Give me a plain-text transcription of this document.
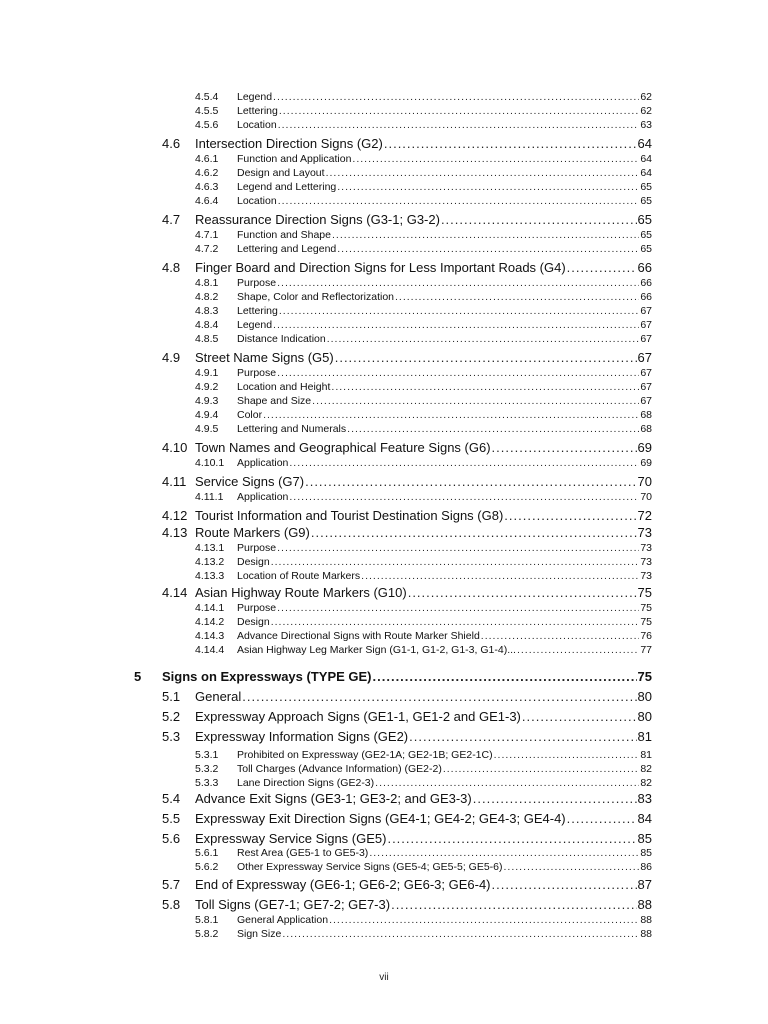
4.5.4	Legend .....	62
4.5.5	Lettering .....	62
4.5.6	Location .....	63
4.6	Intersection Direction Signs (G2) .....	64
4.6.1	Function and Application .....	64
4.6.2	Design and Layout .....	64
4.6.3	Legend and Lettering .....	65
4.6.4	Location .....	65
4.7	Reassurance Direction Signs (G3-1; G3-2) .....	65
4.7.1	Function and Shape .....	65
4.7.2	Lettering and Legend .....	65
4.8	Finger Board and Direction Signs for Less Important Roads (G4) .....	66
4.8.1	Purpose .....	66
4.8.2	Shape, Color and Reflectorization .....	66
4.8.3	Lettering .....	67
4.8.4	Legend .....	67
4.8.5	Distance Indication .....	67
4.9	Street Name Signs (G5) .....	67
4.9.1	Purpose .....	67
4.9.2	Location and Height .....	67
4.9.3	Shape and Size .....	67
4.9.4	Color .....	68
4.9.5	Lettering and Numerals .....	68
4.10 Town Names and Geographical Feature Signs (G6) .....	69
4.10.1	Application .....	69
4.11 Service Signs (G7) .....	70
4.11.1	Application .....	70
4.12 Tourist Information and Tourist Destination Signs (G8) .....	72
4.13 Route Markers (G9) .....	73
4.13.1	Purpose .....	73
4.13.2	Design .....	73
4.13.3	Location of Route Markers .....	73
4.14 Asian Highway Route Markers (G10) .....	75
4.14.1	Purpose .....	75
4.14.2	Design .....	75
4.14.3	Advance Directional Signs with Route Marker Shield .....	76
4.14.4	Asian Highway Leg Marker Sign (G1-1, G1-2, G1-3, G1-4)... .....	77
5	Signs on Expressways (TYPE GE) .....	75
5.1	General .....	80
5.2	Expressway Approach Signs (GE1-1, GE1-2 and GE1-3) .....	80
5.3	Expressway Information Signs (GE2) .....	81
5.3.1	Prohibited on Expressway (GE2-1A; GE2-1B; GE2-1C) .....	81
5.3.2	Toll Charges (Advance Information) (GE2-2) .....	82
5.3.3	Lane Direction Signs (GE2-3) .....	82
5.4	Advance Exit Signs (GE3-1; GE3-2; and GE3-3) .....	83
5.5	Expressway Exit Direction Signs (GE4-1; GE4-2; GE4-3; GE4-4) .....	84
5.6	Expressway Service Signs (GE5) .....	85
5.6.1	Rest Area (GE5-1 to GE5-3) .....	85
5.6.2	Other Expressway Service Signs (GE5-4; GE5-5; GE5-6) .....	86
5.7	End of Expressway (GE6-1; GE6-2; GE6-3; GE6-4) .....	87
5.8	Toll Signs (GE7-1; GE7-2; GE7-3) .....	88
5.8.1	General Application .....	88
5.8.2	Sign Size .....	88
vii
